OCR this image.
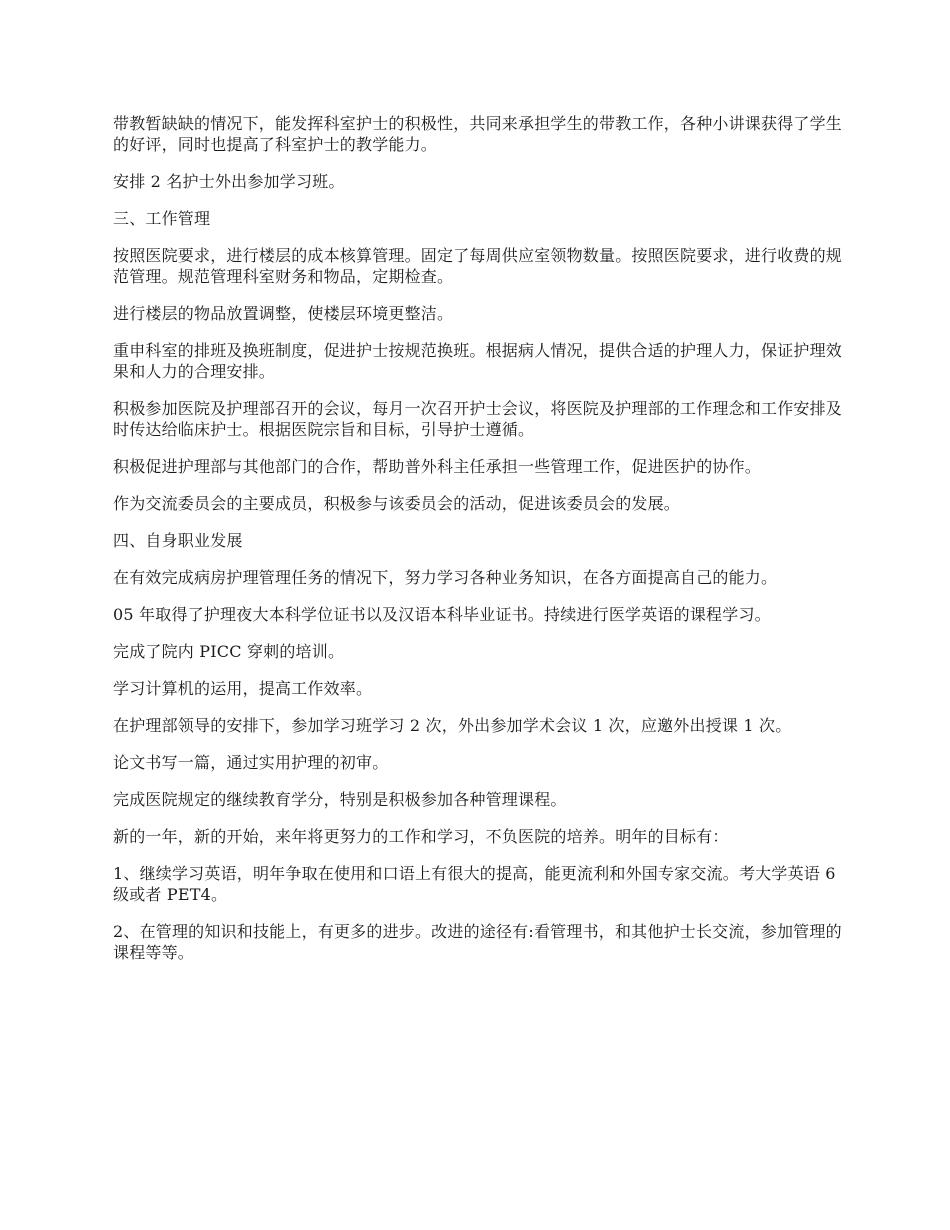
带教暂缺缺的情况下，能发挥科室护士的积极性，共同来承担学生的带教工作，各种小讲课获得了学生的好评，同时也提高了科室护士的教学能力。

安排 2 名护士外出参加学习班。

三、工作管理

按照医院要求，进行楼层的成本核算管理。固定了每周供应室领物数量。按照医院要求，进行收费的规范管理。规范管理科室财务和物品，定期检查。

进行楼层的物品放置调整，使楼层环境更整洁。

重申科室的排班及换班制度，促进护士按规范换班。根据病人情况，提供合适的护理人力，保证护理效果和人力的合理安排。

积极参加医院及护理部召开的会议，每月一次召开护士会议，将医院及护理部的工作理念和工作安排及时传达给临床护士。根据医院宗旨和目标，引导护士遵循。

积极促进护理部与其他部门的合作，帮助普外科主任承担一些管理工作，促进医护的协作。

作为交流委员会的主要成员，积极参与该委员会的活动，促进该委员会的发展。

四、自身职业发展

在有效完成病房护理管理任务的情况下，努力学习各种业务知识，在各方面提高自己的能力。

05 年取得了护理夜大本科学位证书以及汉语本科毕业证书。持续进行医学英语的课程学习。

完成了院内 PICC 穿刺的培训。

学习计算机的运用，提高工作效率。

在护理部领导的安排下，参加学习班学习 2 次，外出参加学术会议 1 次，应邀外出授课 1 次。

论文书写一篇，通过实用护理的初审。

完成医院规定的继续教育学分，特别是积极参加各种管理课程。

新的一年，新的开始，来年将更努力的工作和学习，不负医院的培养。明年的目标有：

1、继续学习英语，明年争取在使用和口语上有很大的提高，能更流利和外国专家交流。考大学英语 6 级或者 PET4。

2、在管理的知识和技能上，有更多的进步。改进的途径有:看管理书，和其他护士长交流，参加管理的课程等等。
